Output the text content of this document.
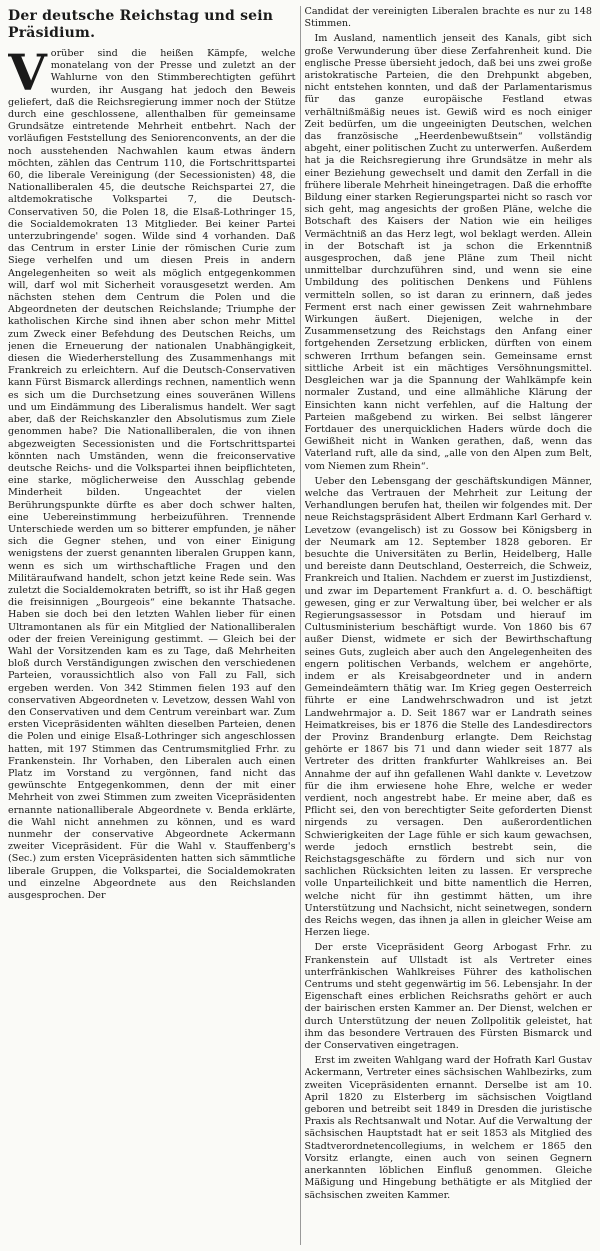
Der deutsche Reichstag und sein Präsidium.

Vorüber sind die heißen Kämpfe, welche monatelang von der Presse und zuletzt an der Wahlurne von den Stimmberechtigten geführt wurden, ihr Ausgang hat jedoch den Beweis geliefert, daß die Reichsregierung immer noch der Stütze durch eine geschlossene, allenthalben für gemeinsame Grundsätze eintretende Mehrheit entbehrt. Nach der vorläufigen Feststellung des Seniorenconvents, an der die noch ausstehenden Nachwahlen kaum etwas ändern möchten, zählen das Centrum 110, die Fortschrittspartei 60, die liberale Vereinigung (der Secessionisten) 48, die Nationalliberalen 45, die deutsche Reichspartei 27, die altdemokratische Volkspartei 7, die Deutsch-Conservativen 50, die Polen 18, die Elsaß-Lothringer 15, die Socialdemokraten 13 Mitglieder. Bei keiner Partei unterzubringende' sogen. Wilde sind 4 vorhanden. Daß das Centrum in erster Linie der römischen Curie zum Siege verhelfen und um diesen Preis in andern Angelegenheiten so weit als möglich entgegenkommen will, darf wol mit Sicherheit vorausgesetzt werden. Am nächsten stehen dem Centrum die Polen und die Abgeordneten der deutschen Reichslande; Triumphe der katholischen Kirche sind ihnen aber schon mehr Mittel zum Zweck einer Befehdung des Deutschen Reichs, um jenen die Erneuerung der nationalen Unabhängigkeit, diesen die Wiederherstellung des Zusammenhangs mit Frankreich zu erleichtern. Auf die Deutsch-Conservativen kann Fürst Bismarck allerdings rechnen, namentlich wenn es sich um die Durchsetzung eines souveränen Willens und um Eindämmung des Liberalismus handelt. Wer sagt aber, daß der Reichskanzler den Absolutismus zum Ziele genommen habe? Die Nationalliberalen, die von ihnen abgezweigten Secessionisten und die Fortschrittspartei könnten nach Umständen, wenn die freiconservative deutsche Reichs- und die Volkspartei ihnen beipflichteten, eine starke, möglicherweise den Ausschlag gebende Minderheit bilden. Ungeachtet der vielen Berührungspunkte dürfte es aber doch schwer halten, eine Uebereinstimmung herbeizuführen. Trennende Unterschiede werden um so bitterer empfunden, je näher sich die Gegner stehen, und von einer Einigung wenigstens der zuerst genannten liberalen Gruppen kann, wenn es sich um wirthschaftliche Fragen und den Militäraufwand handelt, schon jetzt keine Rede sein. Was zuletzt die Socialdemokraten betrifft, so ist ihr Haß gegen die freisinnigen „Bourgeois“ eine bekannte Thatsache. Haben sie doch bei den letzten Wahlen lieber für einen Ultramontanen als für ein Mitglied der Nationalliberalen oder der freien Vereinigung gestimmt. — Gleich bei der Wahl der Vorsitzenden kam es zu Tage, daß Mehrheiten bloß durch Verständigungen zwischen den verschiedenen Parteien, voraussichtlich also von Fall zu Fall, sich ergeben werden. Von 342 Stimmen fielen 193 auf den conservativen Abgeordneten v. Levetzow, dessen Wahl von den Conservativen und dem Centrum vereinbart war. Zum ersten Vicepräsidenten wählten dieselben Parteien, denen die Polen und einige Elsaß-Lothringer sich angeschlossen hatten, mit 197 Stimmen das Centrumsmitglied Frhr. zu Frankenstein. Ihr Vorhaben, den Liberalen auch einen Platz im Vorstand zu vergönnen, fand nicht das gewünschte Entgegenkommen, denn der mit einer Mehrheit von zwei Stimmen zum zweiten Vicepräsidenten ernannte nationalliberale Abgeordnete v. Benda erklärte, die Wahl nicht annehmen zu können, und es ward nunmehr der conservative Abgeordnete Ackermann zweiter Vicepräsident. Für die Wahl v. Stauffenberg's (Sec.) zum ersten Vicepräsidenten hatten sich sämmtliche liberale Gruppen, die Volkspartei, die Socialdemokraten und einzelne Abgeordnete aus den Reichslanden ausgesprochen. Der

Candidat der vereinigten Liberalen brachte es nur zu 148 Stimmen.

Im Ausland, namentlich jenseit des Kanals, gibt sich große Verwunderung über diese Zerfahrenheit kund. Die englische Presse übersieht jedoch, daß bei uns zwei große aristokratische Parteien, die den Drehpunkt abgeben, nicht entstehen konnten, und daß der Parlamentarismus für das ganze europäische Festland etwas verhältnißmäßig neues ist. Gewiß wird es noch einiger Zeit bedürfen, um die ungeeinigten Deutschen, welchen das französische „Heerdenbewußtsein“ vollständig abgeht, einer politischen Zucht zu unterwerfen. Außerdem hat ja die Reichsregierung ihre Grundsätze in mehr als einer Beziehung gewechselt und damit den Zerfall in die frühere liberale Mehrheit hineingetragen. Daß die erhoffte Bildung einer starken Regierungspartei nicht so rasch vor sich geht, mag angesichts der großen Pläne, welche die Botschaft des Kaisers der Nation wie ein heiliges Vermächtniß an das Herz legt, wol beklagt werden. Allein in der Botschaft ist ja schon die Erkenntniß ausgesprochen, daß jene Pläne zum Theil nicht unmittelbar durchzuführen sind, und wenn sie eine Umbildung des politischen Denkens und Fühlens vermitteln sollen, so ist daran zu erinnern, daß jedes Ferment erst nach einer gewissen Zeit wahrnehmbare Wirkungen äußert. Diejenigen, welche in der Zusammensetzung des Reichstags den Anfang einer fortgehenden Zersetzung erblicken, dürften von einem schweren Irrthum befangen sein. Gemeinsame ernst sittliche Arbeit ist ein mächtiges Versöhnungsmittel. Desgleichen war ja die Spannung der Wahlkämpfe kein normaler Zustand, und eine allmähliche Klärung der Einsichten kann nicht verfehlen, auf die Haltung der Parteien maßgebend zu wirken. Bei selbst längerer Fortdauer des unerquicklichen Haders würde doch die Gewißheit nicht in Wanken gerathen, daß, wenn das Vaterland ruft, alle da sind, „alle von den Alpen zum Belt, vom Niemen zum Rhein“.

Ueber den Lebensgang der geschäftskundigen Männer, welche das Vertrauen der Mehrheit zur Leitung der Verhandlungen berufen hat, theilen wir folgendes mit. Der neue Reichstagspräsident Albert Erdmann Karl Gerhard v. Levetzow (evangelisch) ist zu Gossow bei Königsberg in der Neumark am 12. September 1828 geboren. Er besuchte die Universitäten zu Berlin, Heidelberg, Halle und bereiste dann Deutschland, Oesterreich, die Schweiz, Frankreich und Italien. Nachdem er zuerst im Justizdienst, und zwar im Departement Frankfurt a. d. O. beschäftigt gewesen, ging er zur Verwaltung über, bei welcher er als Regierungsassessor in Potsdam und hierauf im Cultusministerium beschäftigt wurde. Von 1860 bis 67 außer Dienst, widmete er sich der Bewirthschaftung seines Guts, zugleich aber auch den Angelegenheiten des engern politischen Verbands, welchem er angehörte, indem er als Kreisabgeordneter und in andern Gemeindeämtern thätig war. Im Krieg gegen Oesterreich führte er eine Landwehrschwadron und ist jetzt Landwehrmajor a. D. Seit 1867 war er Landrath seines Heimatkreises, bis er 1876 die Stelle des Landesdirectors der Provinz Brandenburg erlangte. Dem Reichstag gehörte er 1867 bis 71 und dann wieder seit 1877 als Vertreter des dritten frankfurter Wahlkreises an. Bei Annahme der auf ihn gefallenen Wahl dankte v. Levetzow für die ihm erwiesene hohe Ehre, welche er weder verdient, noch angestrebt habe. Er meine aber, daß es Pflicht sei, den von berechtigter Seite geforderten Dienst nirgends zu versagen. Den außerordentlichen Schwierigkeiten der Lage fühle er sich kaum gewachsen, werde jedoch ernstlich bestrebt sein, die Reichstagsgeschäfte zu fördern und sich nur von sachlichen Rücksichten leiten zu lassen. Er verspreche volle Unparteilichkeit und bitte namentlich die Herren, welche nicht für ihn gestimmt hätten, um ihre Unterstützung und Nachsicht, nicht seinetwegen, sondern des Reichs wegen, das ihnen ja allen in gleicher Weise am Herzen liege.

Der erste Vicepräsident Georg Arbogast Frhr. zu Frankenstein auf Ullstadt ist als Vertreter eines unterfränkischen Wahlkreises Führer des katholischen Centrums und steht gegenwärtig im 56. Lebensjahr. In der Eigenschaft eines erblichen Reichsraths gehört er auch der bairischen ersten Kammer an. Der Dienst, welchen er durch Unterstützung der neuen Zollpolitik geleistet, hat ihm das besondere Vertrauen des Fürsten Bismarck und der Conservativen eingetragen.

Erst im zweiten Wahlgang ward der Hofrath Karl Gustav Ackermann, Vertreter eines sächsischen Wahlbezirks, zum zweiten Vicepräsidenten ernannt. Derselbe ist am 10. April 1820 zu Elsterberg im sächsischen Voigtland geboren und betreibt seit 1849 in Dresden die juristische Praxis als Rechtsanwalt und Notar. Auf die Verwaltung der sächsischen Hauptstadt hat er seit 1853 als Mitglied des Stadtverordnetencollegiums, in welchem er 1865 den Vorsitz erlangte, einen auch von seinen Gegnern anerkannten löblichen Einfluß genommen. Gleiche Mäßigung und Hingebung bethätigte er als Mitglied der sächsischen zweiten Kammer.
